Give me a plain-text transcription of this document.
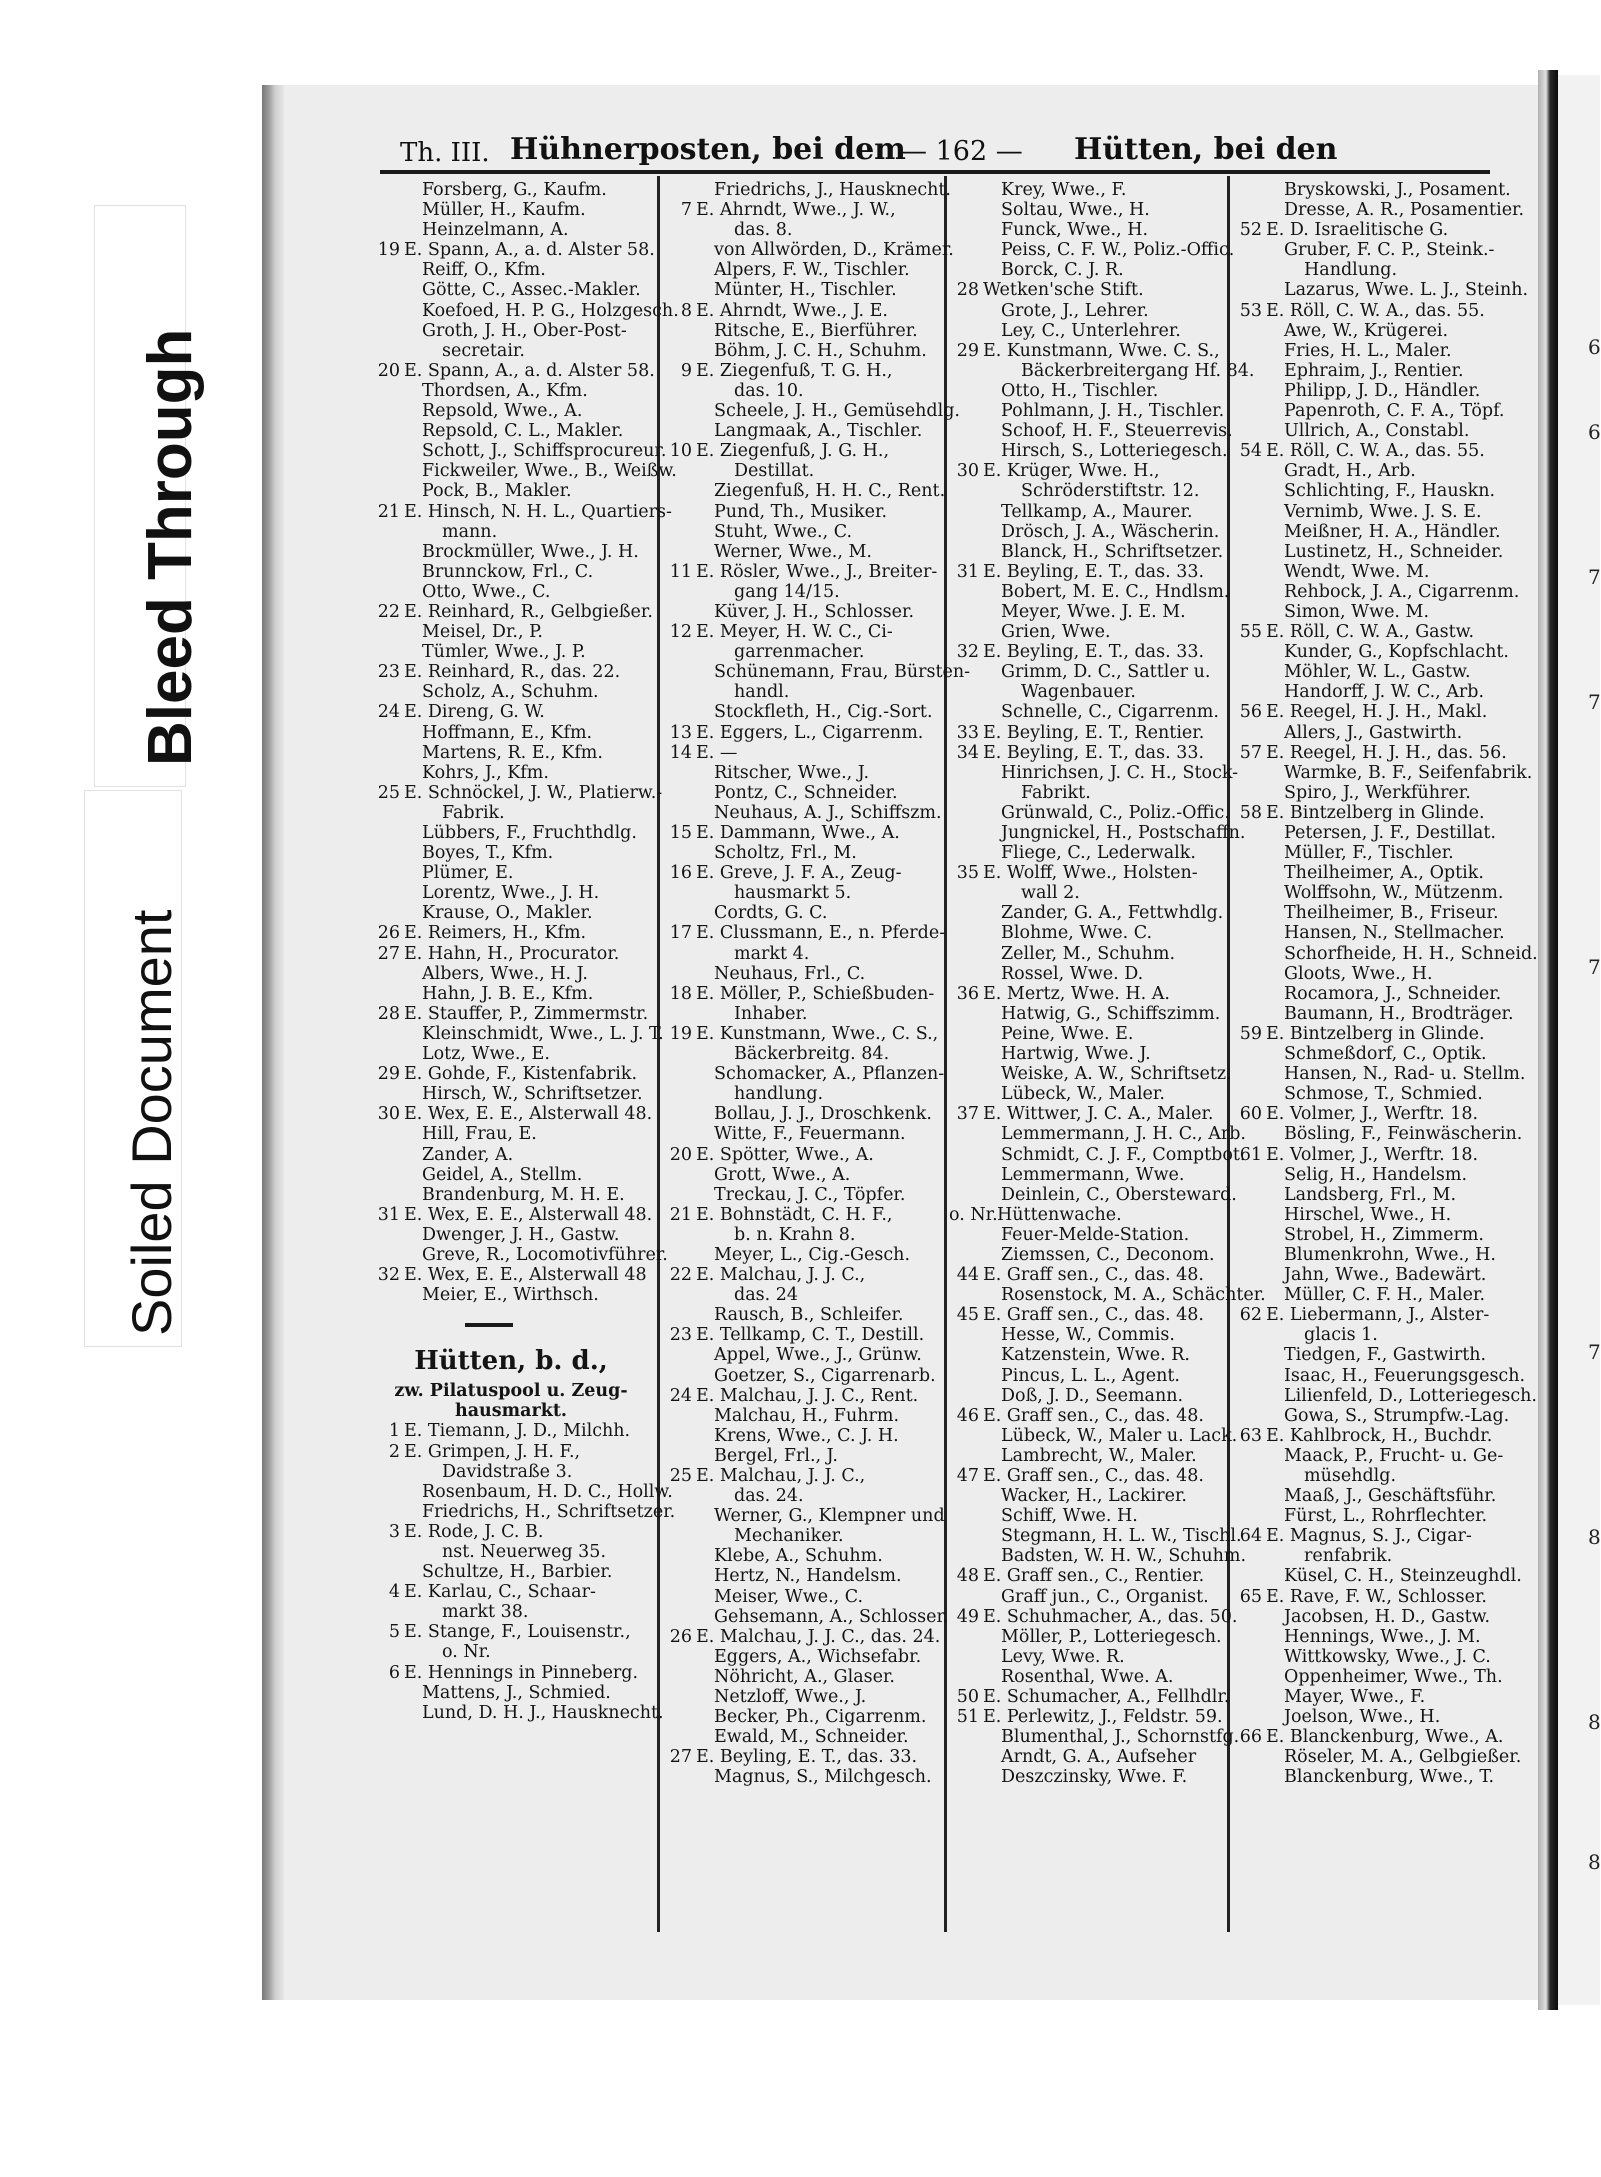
6
6
7
7
7
7
8
8
8
Soiled Document
Bleed Through
Th. III. Hühnerposten, bei dem
— 162 — Hütten, bei den
Forsberg, G., Kaufm.
Müller, H., Kaufm.
Heinzelmann, A.
19 E. Spann, A., a. d. Alster 58.
Reiff, O., Kfm.
Götte, C., Assec.-Makler.
Koefoed, H. P. G., Holzgesch.
Groth, J. H., Ober-Post-
secretair.
20 E. Spann, A., a. d. Alster 58.
Thordsen, A., Kfm.
Repsold, Wwe., A.
Repsold, C. L., Makler.
Schott, J., Schiffsprocureur.
Fickweiler, Wwe., B., Weißw.
Pock, B., Makler.
21 E. Hinsch, N. H. L., Quartiers-
mann.
Brockmüller, Wwe., J. H.
Brunnckow, Frl., C.
Otto, Wwe., C.
22 E. Reinhard, R., Gelbgießer.
Meisel, Dr., P.
Tümler, Wwe., J. P.
23 E. Reinhard, R., das. 22.
Scholz, A., Schuhm.
24 E. Direng, G. W.
Hoffmann, E., Kfm.
Martens, R. E., Kfm.
Kohrs, J., Kfm.
25 E. Schnöckel, J. W., Platierw.-
Fabrik.
Lübbers, F., Fruchthdlg.
Boyes, T., Kfm.
Plümer, E.
Lorentz, Wwe., J. H.
Krause, O., Makler.
26 E. Reimers, H., Kfm.
27 E. Hahn, H., Procurator.
Albers, Wwe., H. J.
Hahn, J. B. E., Kfm.
28 E. Stauffer, P., Zimmermstr.
Kleinschmidt, Wwe., L. J. T.
Lotz, Wwe., E.
29 E. Gohde, F., Kistenfabrik.
Hirsch, W., Schriftsetzer.
30 E. Wex, E. E., Alsterwall 48.
Hill, Frau, E.
Zander, A.
Geidel, A., Stellm.
Brandenburg, M. H. E.
31 E. Wex, E. E., Alsterwall 48.
Dwenger, J. H., Gastw.
Greve, R., Locomotivführer.
32 E. Wex, E. E., Alsterwall 48
Meier, E., Wirthsch.
Hütten, b. d.,
zw. Pilatuspool u. Zeug-
hausmarkt.
1 E. Tiemann, J. D., Milchh.
2 E. Grimpen, J. H. F.,
Davidstraße 3.
Rosenbaum, H. D. C., Hollw.
Friedrichs, H., Schriftsetzer.
3 E. Rode, J. C. B.
nst. Neuerweg 35.
Schultze, H., Barbier.
4 E. Karlau, C., Schaar-
markt 38.
5 E. Stange, F., Louisenstr.,
o. Nr.
6 E. Hennings in Pinneberg.
Mattens, J., Schmied.
Lund, D. H. J., Hausknecht.
Friedrichs, J., Hausknecht.
7 E. Ahrndt, Wwe., J. W.,
das. 8.
von Allwörden, D., Krämer.
Alpers, F. W., Tischler.
Münter, H., Tischler.
8 E. Ahrndt, Wwe., J. E.
Ritsche, E., Bierführer.
Böhm, J. C. H., Schuhm.
9 E. Ziegenfuß, T. G. H.,
das. 10.
Scheele, J. H., Gemüsehdlg.
Langmaak, A., Tischler.
10 E. Ziegenfuß, J. G. H.,
Destillat.
Ziegenfuß, H. H. C., Rent.
Pund, Th., Musiker.
Stuht, Wwe., C.
Werner, Wwe., M.
11 E. Rösler, Wwe., J., Breiter-
gang 14/15.
Küver, J. H., Schlosser.
12 E. Meyer, H. W. C., Ci-
garrenmacher.
Schünemann, Frau, Bürsten-
handl.
Stockfleth, H., Cig.-Sort.
13 E. Eggers, L., Cigarrenm.
14 E. —
Ritscher, Wwe., J.
Pontz, C., Schneider.
Neuhaus, A. J., Schiffszm.
15 E. Dammann, Wwe., A.
Scholtz, Frl., M.
16 E. Greve, J. F. A., Zeug-
hausmarkt 5.
Cordts, G. C.
17 E. Clussmann, E., n. Pferde-
markt 4.
Neuhaus, Frl., C.
18 E. Möller, P., Schießbuden-
Inhaber.
19 E. Kunstmann, Wwe., C. S.,
Bäckerbreitg. 84.
Schomacker, A., Pflanzen-
handlung.
Bollau, J. J., Droschkenk.
Witte, F., Feuermann.
20 E. Spötter, Wwe., A.
Grott, Wwe., A.
Treckau, J. C., Töpfer.
21 E. Bohnstädt, C. H. F.,
b. n. Krahn 8.
Meyer, L., Cig.-Gesch.
22 E. Malchau, J. J. C.,
das. 24
Rausch, B., Schleifer.
23 E. Tellkamp, C. T., Destill.
Appel, Wwe., J., Grünw.
Goetzer, S., Cigarrenarb.
24 E. Malchau, J. J. C., Rent.
Malchau, H., Fuhrm.
Krens, Wwe., C. J. H.
Bergel, Frl., J.
25 E. Malchau, J. J. C.,
das. 24.
Werner, G., Klempner und
Mechaniker.
Klebe, A., Schuhm.
Hertz, N., Handelsm.
Meiser, Wwe., C.
Gehsemann, A., Schlosser.
26 E. Malchau, J. J. C., das. 24.
Eggers, A., Wichsefabr.
Nöhricht, A., Glaser.
Netzloff, Wwe., J.
Becker, Ph., Cigarrenm.
Ewald, M., Schneider.
27 E. Beyling, E. T., das. 33.
Magnus, S., Milchgesch.
Krey, Wwe., F.
Soltau, Wwe., H.
Funck, Wwe., H.
Peiss, C. F. W., Poliz.-Offic.
Borck, C. J. R.
28 Wetken'sche Stift.
Grote, J., Lehrer.
Ley, C., Unterlehrer.
29 E. Kunstmann, Wwe. C. S.,
Bäckerbreitergang Hf. 84.
Otto, H., Tischler.
Pohlmann, J. H., Tischler.
Schoof, H. F., Steuerrevis.
Hirsch, S., Lotteriegesch.
30 E. Krüger, Wwe. H.,
Schröderstiftstr. 12.
Tellkamp, A., Maurer.
Drösch, J. A., Wäscherin.
Blanck, H., Schriftsetzer.
31 E. Beyling, E. T., das. 33.
Bobert, M. E. C., Hndlsm.
Meyer, Wwe. J. E. M.
Grien, Wwe.
32 E. Beyling, E. T., das. 33.
Grimm, D. C., Sattler u.
Wagenbauer.
Schnelle, C., Cigarrenm.
33 E. Beyling, E. T., Rentier.
34 E. Beyling, E. T., das. 33.
Hinrichsen, J. C. H., Stock-
Fabrikt.
Grünwald, C., Poliz.-Offic.
Jungnickel, H., Postschaffn.
Fliege, C., Lederwalk.
35 E. Wolff, Wwe., Holsten-
wall 2.
Zander, G. A., Fettwhdlg.
Blohme, Wwe. C.
Zeller, M., Schuhm.
Rossel, Wwe. D.
36 E. Mertz, Wwe. H. A.
Hatwig, G., Schiffszimm.
Peine, Wwe. E.
Hartwig, Wwe. J.
Weiske, A. W., Schriftsetz.
Lübeck, W., Maler.
37 E. Wittwer, J. C. A., Maler.
Lemmermann, J. H. C., Arb.
Schmidt, C. J. F., Comptbot.
Lemmermann, Wwe.
Deinlein, C., Obersteward.
o. Nr. Hüttenwache.
Feuer-Melde-Station.
Ziemssen, C., Deconom.
44 E. Graff sen., C., das. 48.
Rosenstock, M. A., Schächter.
45 E. Graff sen., C., das. 48.
Hesse, W., Commis.
Katzenstein, Wwe. R.
Pincus, L. L., Agent.
Doß, J. D., Seemann.
46 E. Graff sen., C., das. 48.
Lübeck, W., Maler u. Lack.
Lambrecht, W., Maler.
47 E. Graff sen., C., das. 48.
Wacker, H., Lackirer.
Schiff, Wwe. H.
Stegmann, H. L. W., Tischl.
Badsten, W. H. W., Schuhm.
48 E. Graff sen., C., Rentier.
Graff jun., C., Organist.
49 E. Schuhmacher, A., das. 50.
Möller, P., Lotteriegesch.
Levy, Wwe. R.
Rosenthal, Wwe. A.
50 E. Schumacher, A., Fellhdlr.
51 E. Perlewitz, J., Feldstr. 59.
Blumenthal, J., Schornstfg.
Arndt, G. A., Aufseher
Deszczinsky, Wwe. F.
Bryskowski, J., Posament.
Dresse, A. R., Posamentier.
52 E. D. Israelitische G.
Gruber, F. C. P., Steink.-
Handlung.
Lazarus, Wwe. L. J., Steinh.
53 E. Röll, C. W. A., das. 55.
Awe, W., Krügerei.
Fries, H. L., Maler.
Ephraim, J., Rentier.
Philipp, J. D., Händler.
Papenroth, C. F. A., Töpf.
Ullrich, A., Constabl.
54 E. Röll, C. W. A., das. 55.
Gradt, H., Arb.
Schlichting, F., Hauskn.
Vernimb, Wwe. J. S. E.
Meißner, H. A., Händler.
Lustinetz, H., Schneider.
Wendt, Wwe. M.
Rehbock, J. A., Cigarrenm.
Simon, Wwe. M.
55 E. Röll, C. W. A., Gastw.
Kunder, G., Kopfschlacht.
Möhler, W. L., Gastw.
Handorff, J. W. C., Arb.
56 E. Reegel, H. J. H., Makl.
Allers, J., Gastwirth.
57 E. Reegel, H. J. H., das. 56.
Warmke, B. F., Seifenfabrik.
Spiro, J., Werkführer.
58 E. Bintzelberg in Glinde.
Petersen, J. F., Destillat.
Müller, F., Tischler.
Theilheimer, A., Optik.
Wolffsohn, W., Mützenm.
Theilheimer, B., Friseur.
Hansen, N., Stellmacher.
Schorfheide, H. H., Schneid.
Gloots, Wwe., H.
Rocamora, J., Schneider.
Baumann, H., Brodträger.
59 E. Bintzelberg in Glinde.
Schmeßdorf, C., Optik.
Hansen, N., Rad- u. Stellm.
Schmose, T., Schmied.
60 E. Volmer, J., Werftr. 18.
Bösling, F., Feinwäscherin.
61 E. Volmer, J., Werftr. 18.
Selig, H., Handelsm.
Landsberg, Frl., M.
Hirschel, Wwe., H.
Strobel, H., Zimmerm.
Blumenkrohn, Wwe., H.
Jahn, Wwe., Badewärt.
Müller, C. F. H., Maler.
62 E. Liebermann, J., Alster-
glacis 1.
Tiedgen, F., Gastwirth.
Isaac, H., Feuerungsgesch.
Lilienfeld, D., Lotteriegesch.
Gowa, S., Strumpfw.-Lag.
63 E. Kahlbrock, H., Buchdr.
Maack, P., Frucht- u. Ge-
müsehdlg.
Maaß, J., Geschäftsführ.
Fürst, L., Rohrflechter.
64 E. Magnus, S. J., Cigar-
renfabrik.
Küsel, C. H., Steinzeughdl.
65 E. Rave, F. W., Schlosser.
Jacobsen, H. D., Gastw.
Hennings, Wwe., J. M.
Wittkowsky, Wwe., J. C.
Oppenheimer, Wwe., Th.
Mayer, Wwe., F.
Joelson, Wwe., H.
66 E. Blanckenburg, Wwe., A.
Röseler, M. A., Gelbgießer.
Blanckenburg, Wwe., T.
